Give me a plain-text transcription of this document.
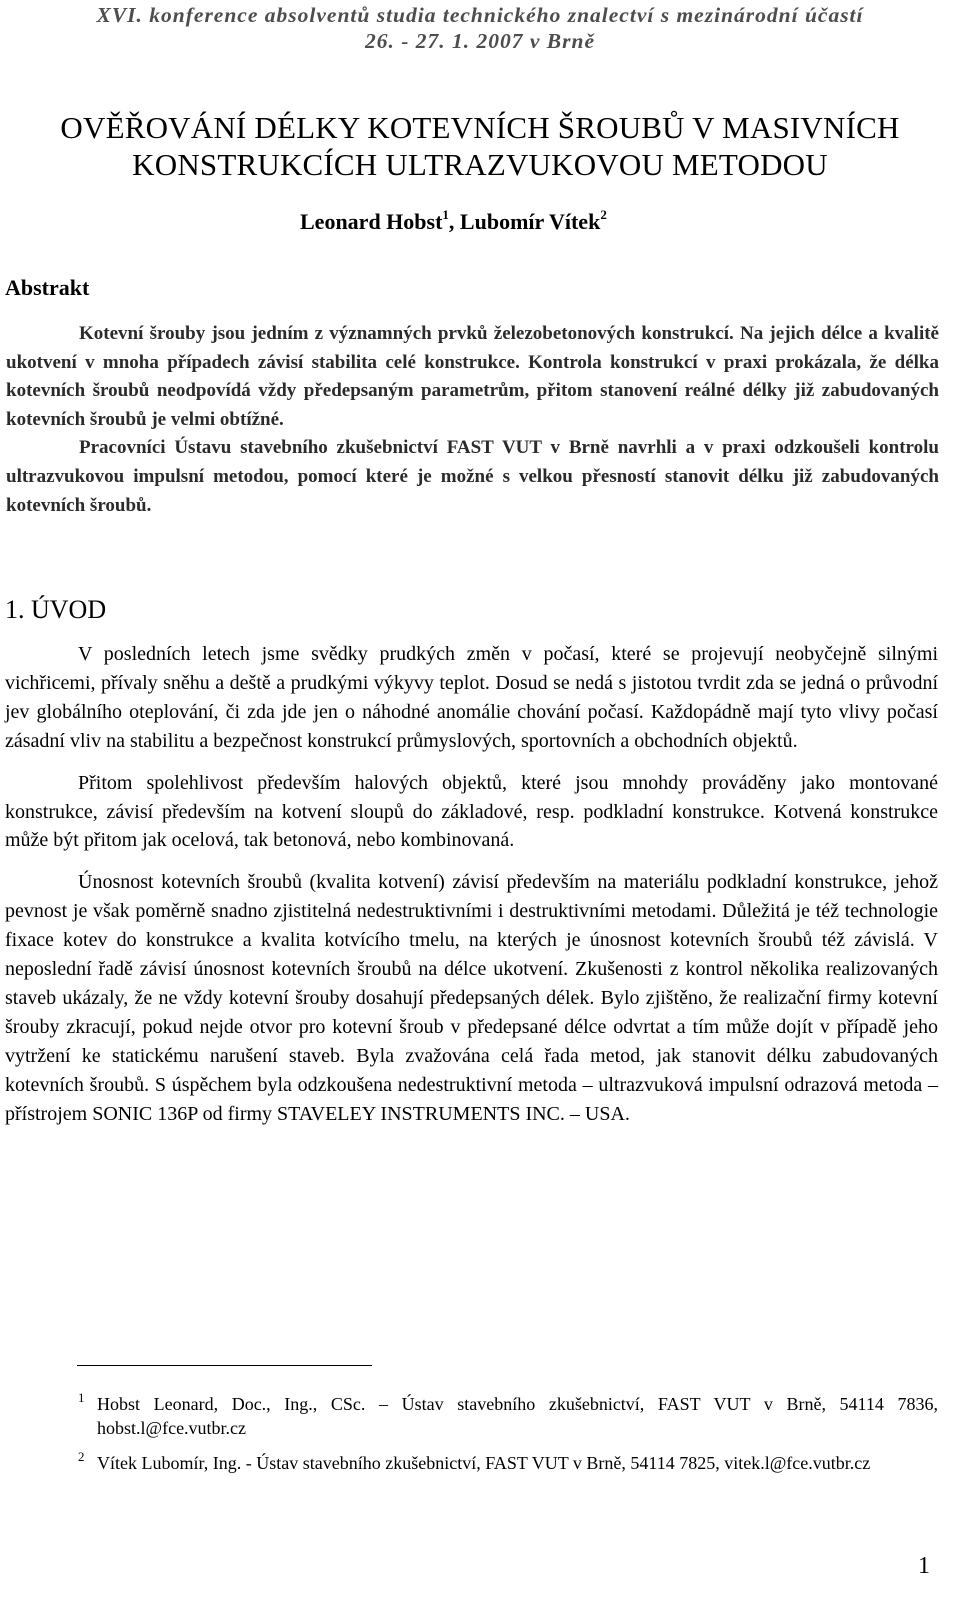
XVI. konference absolventů studia technického znalectví s mezinárodní účastí
26. - 27. 1. 2007 v Brně
OVĚŘOVÁNÍ DÉLKY KOTEVNÍCH ŠROUBŮ V MASIVNÍCH
KONSTRUKCÍCH ULTRAZVUKOVOU METODOU
Leonard Hobst$^1$, Lubomír Vítek$^2$
Abstrakt

Kotevní šrouby jsou jedním z významných prvků železobetonových konstrukcí. Na jejich délce a kvalitě ukotvení v mnoha případech závisí stabilita celé konstrukce. Kontrola konstrukcí v praxi prokázala, že délka kotevních šroubů neodpovídá vždy předepsaným parametrům, přitom stanovení reálné délky již zabudovaných kotevních šroubů je velmi obtížné.

Pracovníci Ústavu stavebního zkušebnictví FAST VUT v Brně navrhli a v praxi odzkoušeli kontrolu ultrazvukovou impulsní metodou, pomocí které je možné s velkou přesností stanovit délku již zabudovaných kotevních šroubů.

1. ÚVOD

V posledních letech jsme svědky prudkých změn v počasí, které se projevují neobyčejně silnými vichřicemi, přívaly sněhu a deště a prudkými výkyvy teplot. Dosud se nedá s jistotou tvrdit zda se jedná o průvodní jev globálního oteplování, či zda jde jen o náhodné anomálie chování počasí. Každopádně mají tyto vlivy počasí zásadní vliv na stabilitu a bezpečnost konstrukcí průmyslových, sportovních a obchodních objektů.

Přitom spolehlivost především halových objektů, které jsou mnohdy prováděny jako montované konstrukce, závisí především na kotvení sloupů do základové, resp. podkladní konstrukce. Kotvená konstrukce může být přitom jak ocelová, tak betonová, nebo kombinovaná.

Únosnost kotevních šroubů (kvalita kotvení) závisí především na materiálu podkladní konstrukce, jehož pevnost je však poměrně snadno zjistitelná nedestruktivními i destruktivními metodami. Důležitá je též technologie fixace kotev do konstrukce a kvalita kotvícího tmelu, na kterých je únosnost kotevních šroubů též závislá. V neposlední řadě závisí únosnost kotevních šroubů na délce ukotvení. Zkušenosti z kontrol několika realizovaných staveb ukázaly, že ne vždy kotevní šrouby dosahují předepsaných délek. Bylo zjištěno, že realizační firmy kotevní šrouby zkracují, pokud nejde otvor pro kotevní šroub v předepsané délce odvrtat a tím může dojít v případě jeho vytržení ke statickému narušení staveb. Byla zvažována celá řada metod, jak stanovit délku zabudovaných kotevních šroubů. S úspěchem byla odzkoušena nedestruktivní metoda – ultrazvuková impulsní odrazová metoda – přístrojem SONIC 136P od firmy STAVELEY INSTRUMENTS INC. – USA.

1 Hobst Leonard, Doc., Ing., CSc. – Ústav stavebního zkušebnictví, FAST VUT v Brně, 54114 7836, hobst.l@fce.vutbr.cz
2 Vítek Lubomír, Ing. - Ústav stavebního zkušebnictví, FAST VUT v Brně, 54114 7825, vitek.l@fce.vutbr.cz
1
